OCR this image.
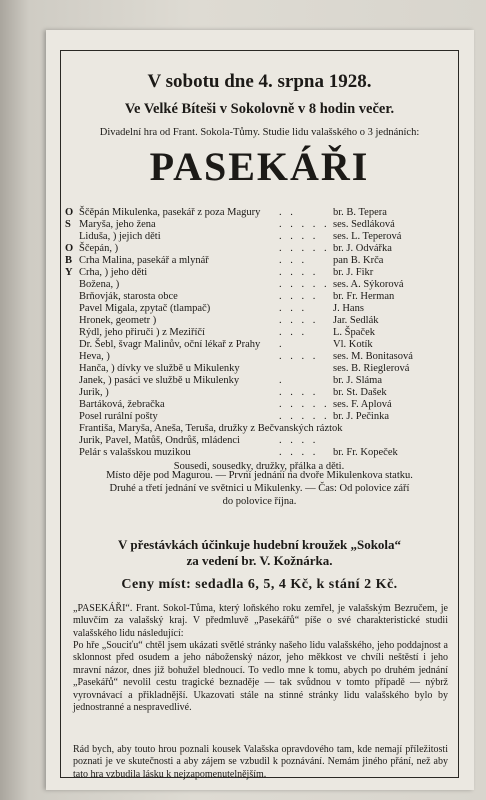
V sobotu dne 4. srpna 1928.
Ve Velké Bíteši v Sokolovně v 8 hodin večer.
Divadelní hra od Frant. Sokola-Tůmy. Studie lidu valašského o 3 jednáních:
PASEKÁŘI
O Ščěpán Mikulenka, pasekář z poza Magury . .	br. B. Tepera
S Maryša, jeho žena	. . . . . ses. Sedláková
Liduša, ) jejich děti	. . . . ses. L. Teperová
O Ščepán, )	. . . . . br. J. Odvářka
B Crha Malina, pasekář a mlynář	. . . pan B. Krča
Y Crha, ) jeho děti	. . . . br. J. Fikr
Božena, )	. . . . . ses. A. Sýkorová
Brňovják, starosta obce	. . . . br. Fr. Herman
Pavel Migala, zpytač (tlampač)	. . . J. Hans
Hronek, geometr )	. . . . Jar. Sedlák
Rýdl, jeho přiruči ) z Meziříčí	. . . L. Špaček
Dr. Šebl, švagr Malinův, oční lékař z Prahy .	Vl. Kotík
Heva, )	. . . . ses. M. Bonitasová
Hanča, ) dívky ve službě u Mikulenky	ses. B. Rieglerová
Janek, ) pasáci ve službě u Mikulenky	.	br. J. Sláma
Jurik, )	. . . . br. St. Dašek
Bartáková, žebračka	. . . . . ses. F. Aplová
Posel rurální pošty	. . . . . br. J. Pečinka
Františa, Maryša, Aneša, Teruša, družky z Bečvanských ráztok
Jurik, Pavel, Matůš, Ondrůš, mládenci	. . . .
Pelár s valašskou muzikou	. . . . br. Fr. Kopeček
Sousedi, sousedky, družky, přálka a děti.
Místo děje pod Magurou. — První jednání na dvoře Mikulenkova statku.
Druhé a třetí jednání ve světnici u Mikulenky. — Čas: Od polovice září
do polovice října.
V přestávkách účinkuje hudební kroužek „Sokola“
za vedení br. V. Kožnárka.
Ceny míst: sedadla 6, 5, 4 Kč, k stání 2 Kč.
„PASEKÁŘI“. Frant. Sokol-Tůma, který loňského roku zemřel, je valašským Bezručem, je mluvčím za valašský kraj. V předmluvě „Pasekářů“ píše o své charakteristické studii valašského lidu následující:
Po hře „Souciťu“ chtěl jsem ukázati světlé stránky našeho lidu valašského, jeho poddajnost a sklonnost před osudem a jeho náboženský názor, jeho měkkost ve chvíli neštěstí i jeho mravní názor, dnes již bohužel blednoucí. To vedlo mne k tomu, abych po druhém jednání „Pasekářů“ nevolil cestu tragické beznaděje — tak svůdnou v tomto případě — nýbrž vyrovnávací a přikladnější. Ukazovati stále na stinné stránky lidu valašského bylo by jednostranné a nespravedlivé.
Rád bych, aby touto hrou poznali kousek Valašska opravdového tam, kde nemají příležitosti poznati je ve skutečnosti a aby zájem se vzbudil k poznávání. Nemám jiného přání, než aby tato hra vzbudila lásku k nejzapomenutelnějším.
